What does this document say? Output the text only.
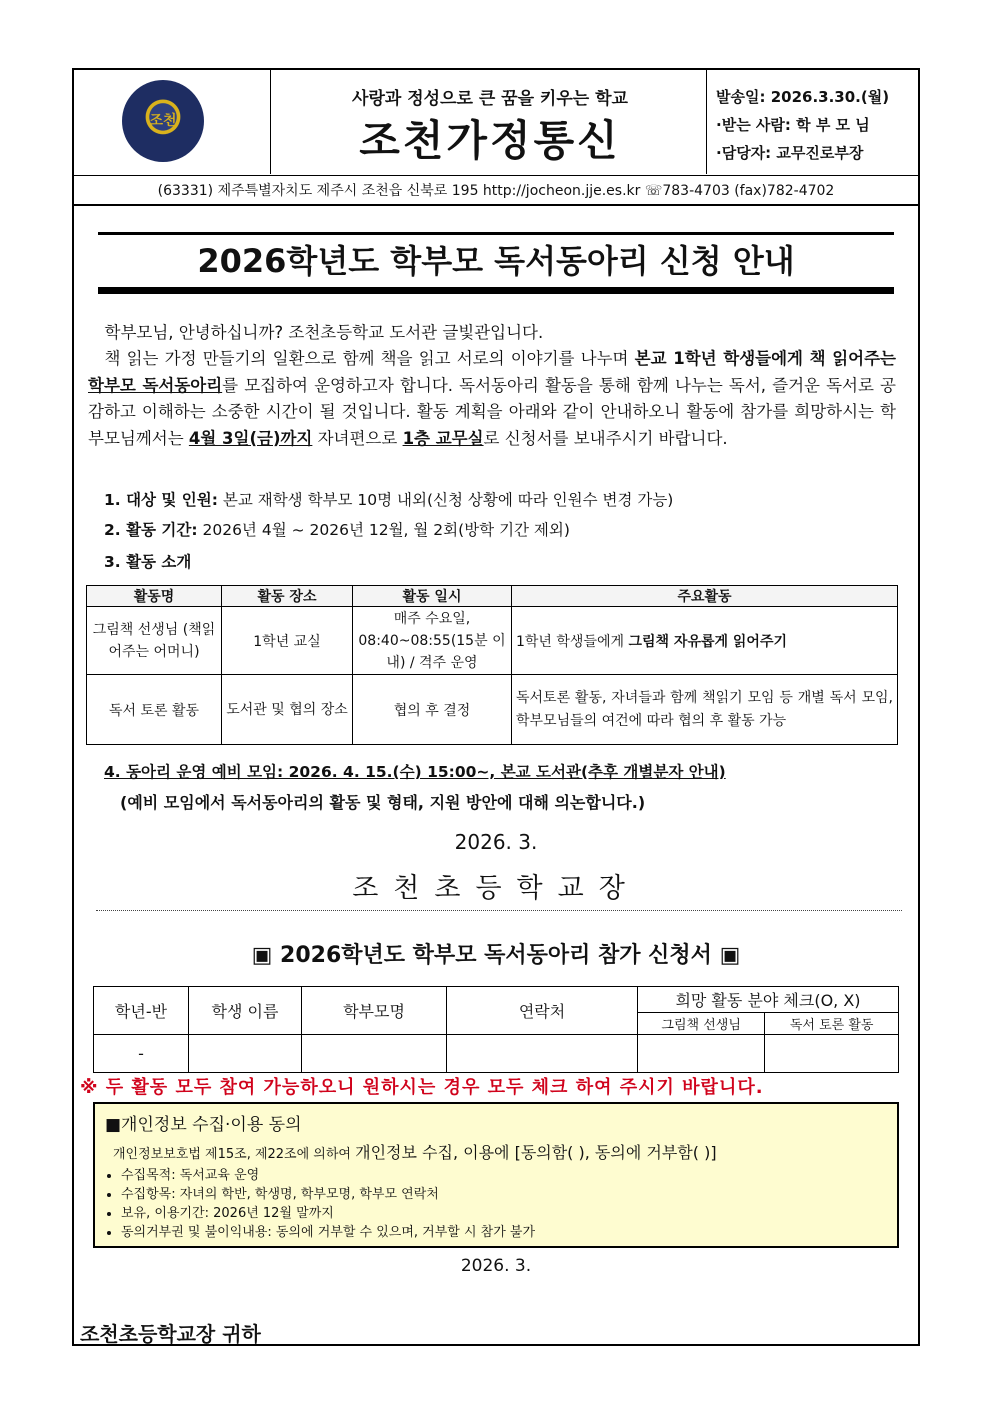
조천
사랑과 정성으로 큰 꿈을 키우는 학교
조천가정통신
발송일: 2026.3.30.(월)
·받는 사람: 학 부 모 님
·담당자: 교무진로부장
(63331) 제주특별자치도 제주시 조천읍 신북로 195 http://jocheon.jje.es.kr ☏783-4703 (fax)782-4702
2026학년도 학부모 독서동아리 신청 안내

학부모님, 안녕하십니까? 조천초등학교 도서관 글빛관입니다.

책 읽는 가정 만들기의 일환으로 함께 책을 읽고 서로의 이야기를 나누며 본교 1학년 학생들에게 책 읽어주는 학부모 독서동아리를 모집하여 운영하고자 합니다. 독서동아리 활동을 통해 함께 나누는 독서, 즐거운 독서로 공감하고 이해하는 소중한 시간이 될 것입니다. 활동 계획을 아래와 같이 안내하오니 활동에 참가를 희망하시는 학부모님께서는 4월 3일(금)까지 자녀편으로 1층 교무실로 신청서를 보내주시기 바랍니다.

1. 대상 및 인원: 본교 재학생 학부모 10명 내외(신청 상황에 따라 인원수 변경 가능)
2. 활동 기간: 2026년 4월 ~ 2026년 12월, 월 2회(방학 기간 제외)
3. 활동 소개
활동명	활동 장소	활동 일시	주요활동
그림책 선생님 (책읽어주는 어머니)	1학년 교실	매주 수요일, 08:40~08:55(15분 이내) / 격주 운영	1학년 학생들에게 그림책 자유롭게 읽어주기
독서 토론 활동	도서관 및 협의 장소	협의 후 결정	독서토론 활동, 자녀들과 함께 책읽기 모임 등 개별 독서 모임, 학부모님들의 여건에 따라 협의 후 활동 가능
4. 동아리 운영 예비 모임: 2026. 4. 15.(수) 15:00~, 본교 도서관(추후 개별분자 안내)
(예비 모임에서 독서동아리의 활동 및 형태, 지원 방안에 대해 의논합니다.)
2026. 3.
조천초등학교장
▣ 2026학년도 학부모 독서동아리 참가 신청서 ▣
학년-반	학생 이름	학부모명	연락처	희망 활동 분야 체크(O, X)	
				그림책 선생님	독서 토론 활동
-					
※ 두 활동 모두 참여 가능하오니 원하시는 경우 모두 체크 하여 주시기 바랍니다.
■개인정보 수집·이용 동의
개인정보보호법 제15조, 제22조에 의하여 개인정보 수집, 이용에 [동의함( ), 동의에 거부함( )]
• 수집목적: 독서교육 운영
• 수집항목: 자녀의 학반, 학생명, 학부모명, 학부모 연락처
• 보유, 이용기간: 2026년 12월 말까지
• 동의거부권 및 불이익내용: 동의에 거부할 수 있으며, 거부할 시 참가 불가
2026. 3.
조천초등학교장 귀하
